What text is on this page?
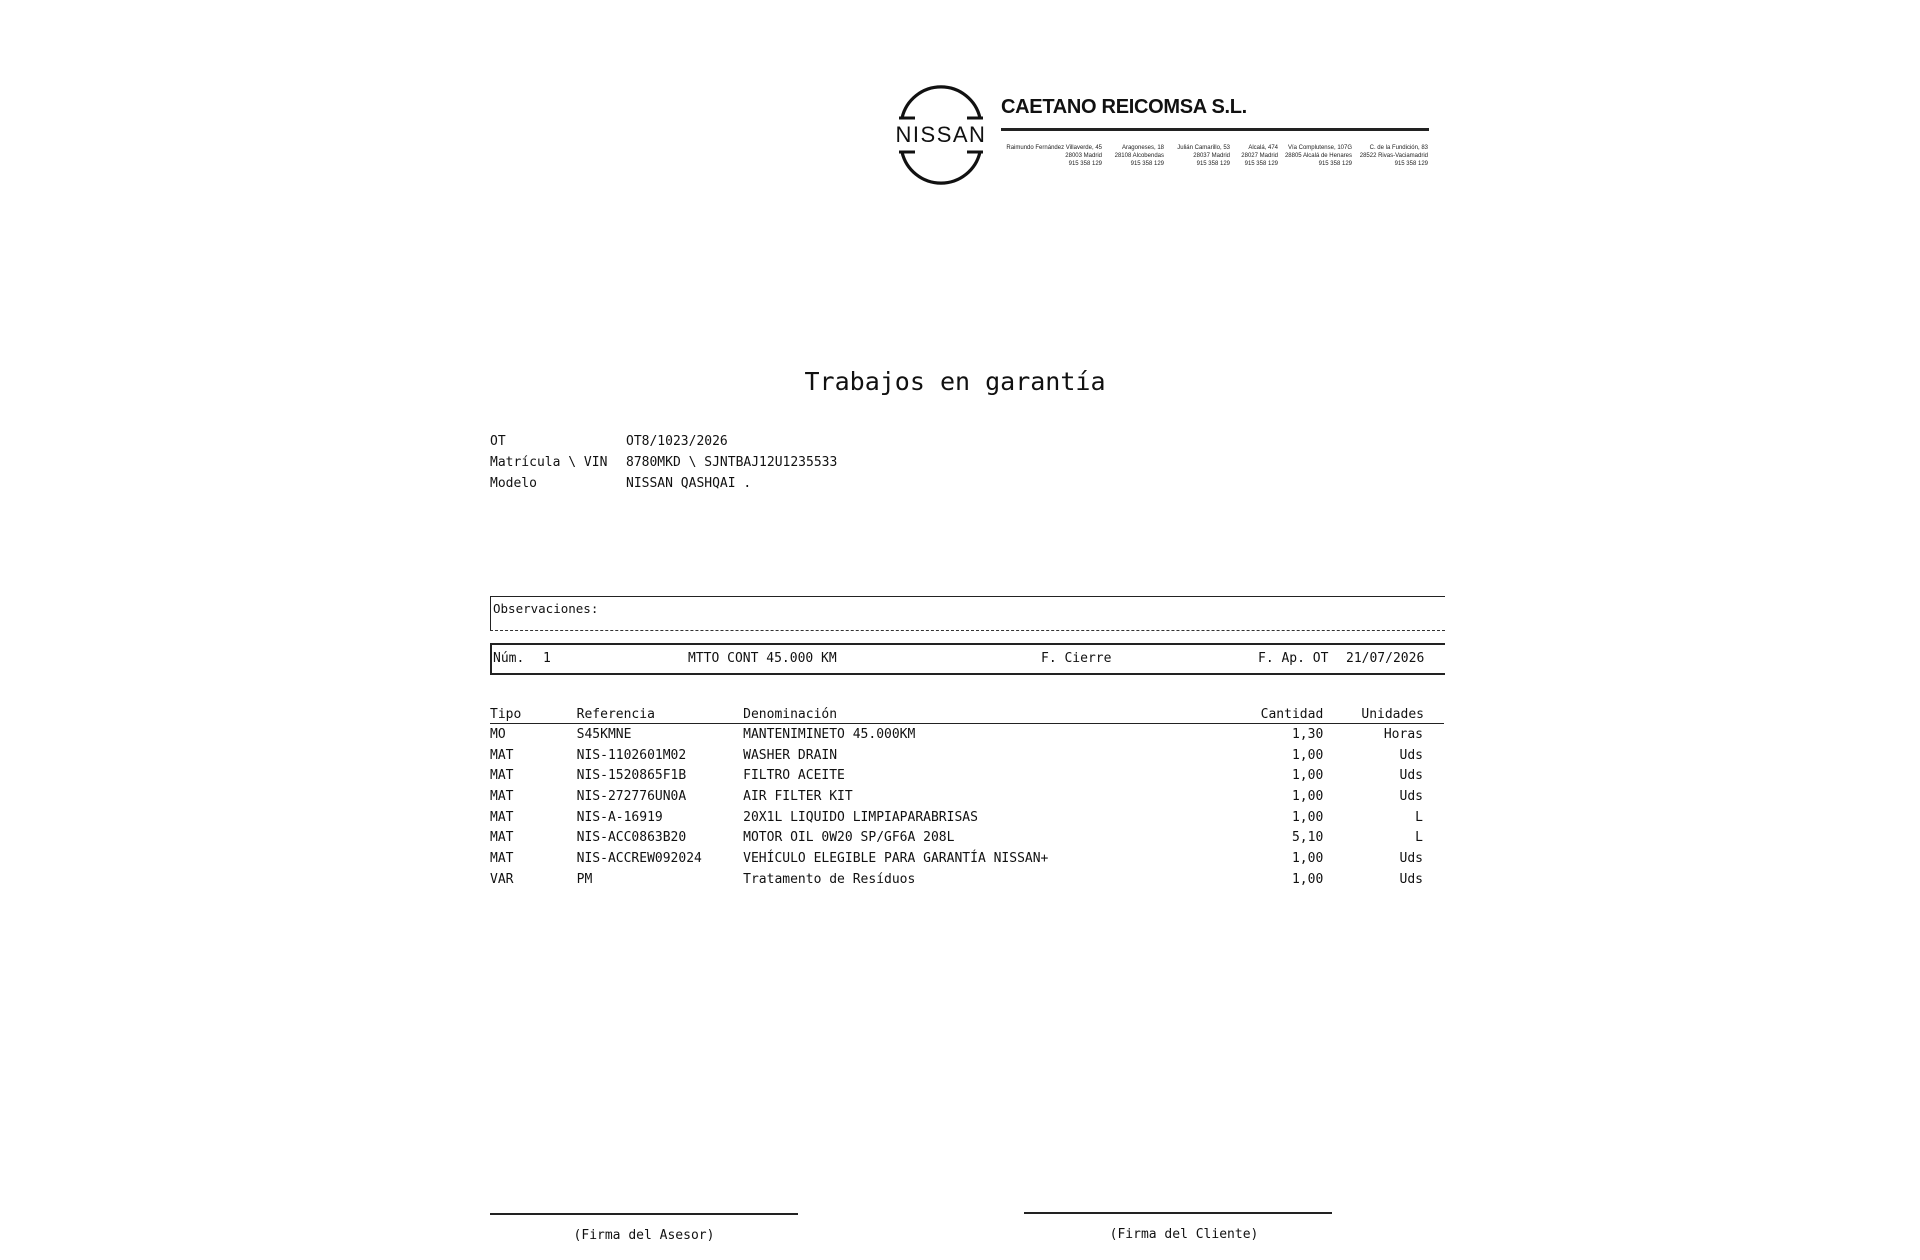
NISSAN
CAETANO REICOMSA S.L.
Raimundo Fernández Villaverde, 45
28003 Madrid
915 358 129
Aragoneses, 18
28108 Alcobendas
915 358 129
Julián Camarillo, 53
28037 Madrid
915 358 129
Alcalá, 474
28027 Madrid
915 358 129
Vía Complutense, 107G
28805 Alcalá de Henares
915 358 129
C. de la Fundición, 83
28522 Rivas-Vaciamadrid
915 358 129
Trabajos en garantía
OT	OT8/1023/2026
Matrícula \ VIN 8780MKD \ SJNTBAJ12U1235533
Modelo	NISSAN QASHQAI .
Observaciones:
Núm. 1	MTTO CONT 45.000 KM	F. Cierre	F. Ap. OT 21/07/2026
Tipo	Referencia	Denominación	Cantidad	Unidades
MO	S45KMNE	MANTENIMINETO 45.000KM	1,30	Horas
MAT	NIS-1102601M02	WASHER DRAIN	1,00	Uds
MAT	NIS-1520865F1B	FILTRO ACEITE	1,00	Uds
MAT	NIS-272776UN0A	AIR FILTER KIT	1,00	Uds
MAT	NIS-A-16919	20X1L LIQUIDO LIMPIAPARABRISAS	1,00	L
MAT	NIS-ACC0863B20	MOTOR OIL 0W20 SP/GF6A 208L	5,10	L
MAT	NIS-ACCREW092024	VEHÍCULO ELEGIBLE PARA GARANTÍA NISSAN+	1,00	Uds
VAR	PM	Tratamento de Resíduos	1,00	Uds
(Firma del Asesor)	(Firma del Cliente)
